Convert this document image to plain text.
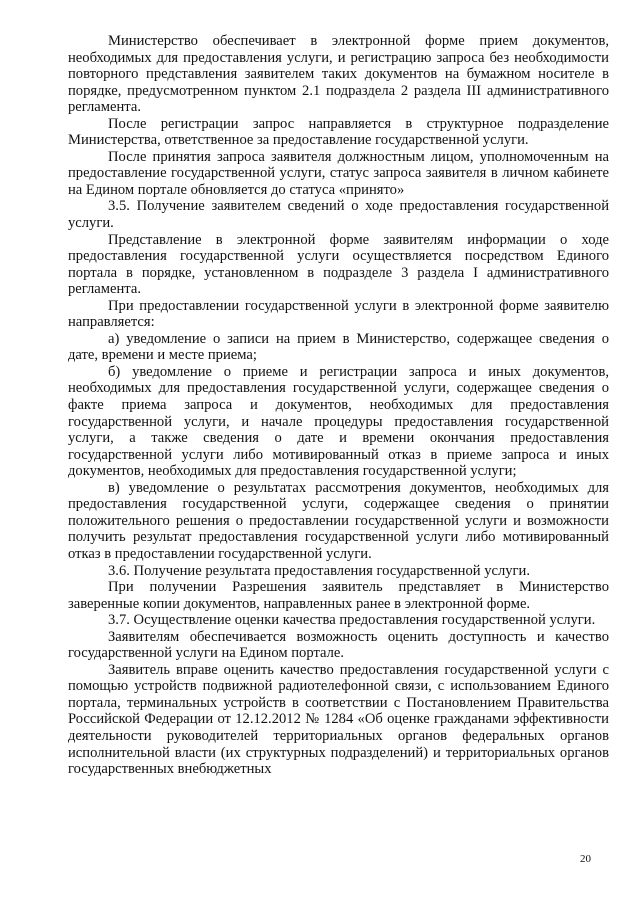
Министерство обеспечивает в электронной форме прием документов, необходимых для предоставления услуги, и регистрацию запроса без необходимости повторного представления заявителем таких документов на бумажном носителе в порядке, предусмотренном пунктом 2.1 подраздела 2 раздела III административного регламента.

После регистрации запрос направляется в структурное подразделение Министерства, ответственное за предоставление государственной услуги.

После принятия запроса заявителя должностным лицом, уполномоченным на предоставление государственной услуги, статус запроса заявителя в личном кабинете на Едином портале обновляется до статуса «принято»

3.5. Получение заявителем сведений о ходе предоставления государственной услуги.

Представление в электронной форме заявителям информации о ходе предоставления государственной услуги осуществляется посредством Единого портала в порядке, установленном в подразделе 3 раздела I административного регламента.

При предоставлении государственной услуги в электронной форме заявителю направляется:

а) уведомление о записи на прием в Министерство, содержащее сведения о дате, времени и месте приема;

б) уведомление о приеме и регистрации запроса и иных документов, необходимых для предоставления государственной услуги, содержащее сведения о факте приема запроса и документов, необходимых для предоставления государственной услуги, и начале процедуры предоставления государственной услуги, а также сведения о дате и времени окончания предоставления государственной услуги либо мотивированный отказ в приеме запроса и иных документов, необходимых для предоставления государственной услуги;

в) уведомление о результатах рассмотрения документов, необходимых для предоставления государственной услуги, содержащее сведения о принятии положительного решения о предоставлении государственной услуги и возможности получить результат предоставления государственной услуги либо мотивированный отказ в предоставлении государственной услуги.

3.6. Получение результата предоставления государственной услуги.

При получении Разрешения заявитель представляет в Министерство заверенные копии документов, направленных ранее в электронной форме.

3.7. Осуществление оценки качества предоставления государственной услуги.

Заявителям обеспечивается возможность оценить доступность и качество государственной услуги на Едином портале.

Заявитель вправе оценить качество предоставления государственной услуги с помощью устройств подвижной радиотелефонной связи, с использованием Единого портала, терминальных устройств в соответствии с Постановлением Правительства Российской Федерации от 12.12.2012 № 1284 «Об оценке гражданами эффективности деятельности руководителей территориальных органов федеральных органов исполнительной власти (их структурных подразделений) и территориальных органов государственных внебюджетных

20
